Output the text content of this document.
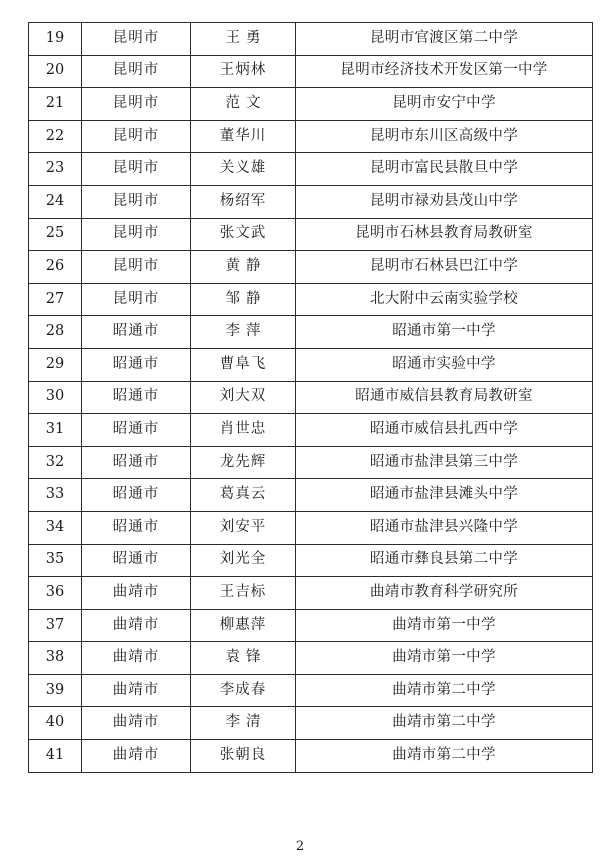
19	昆明市	王勇	昆明市官渡区第二中学
20	昆明市	王炳林	昆明市经济技术开发区第一中学
21	昆明市	范文	昆明市安宁中学
22	昆明市	董华川	昆明市东川区高级中学
23	昆明市	关义雄	昆明市富民县散旦中学
24	昆明市	杨绍军	昆明市禄劝县茂山中学
25	昆明市	张文武	昆明市石林县教育局教研室
26	昆明市	黄静	昆明市石林县巴江中学
27	昆明市	邹静	北大附中云南实验学校
28	昭通市	李萍	昭通市第一中学
29	昭通市	曹阜飞	昭通市实验中学
30	昭通市	刘大双	昭通市威信县教育局教研室
31	昭通市	肖世忠	昭通市威信县扎西中学
32	昭通市	龙先辉	昭通市盐津县第三中学
33	昭通市	葛真云	昭通市盐津县滩头中学
34	昭通市	刘安平	昭通市盐津县兴隆中学
35	昭通市	刘光全	昭通市彝良县第二中学
36	曲靖市	王吉标	曲靖市教育科学研究所
37	曲靖市	柳惠萍	曲靖市第一中学
38	曲靖市	袁锋	曲靖市第一中学
39	曲靖市	李成春	曲靖市第二中学
40	曲靖市	李清	曲靖市第二中学
41	曲靖市	张朝良	曲靖市第二中学
2
